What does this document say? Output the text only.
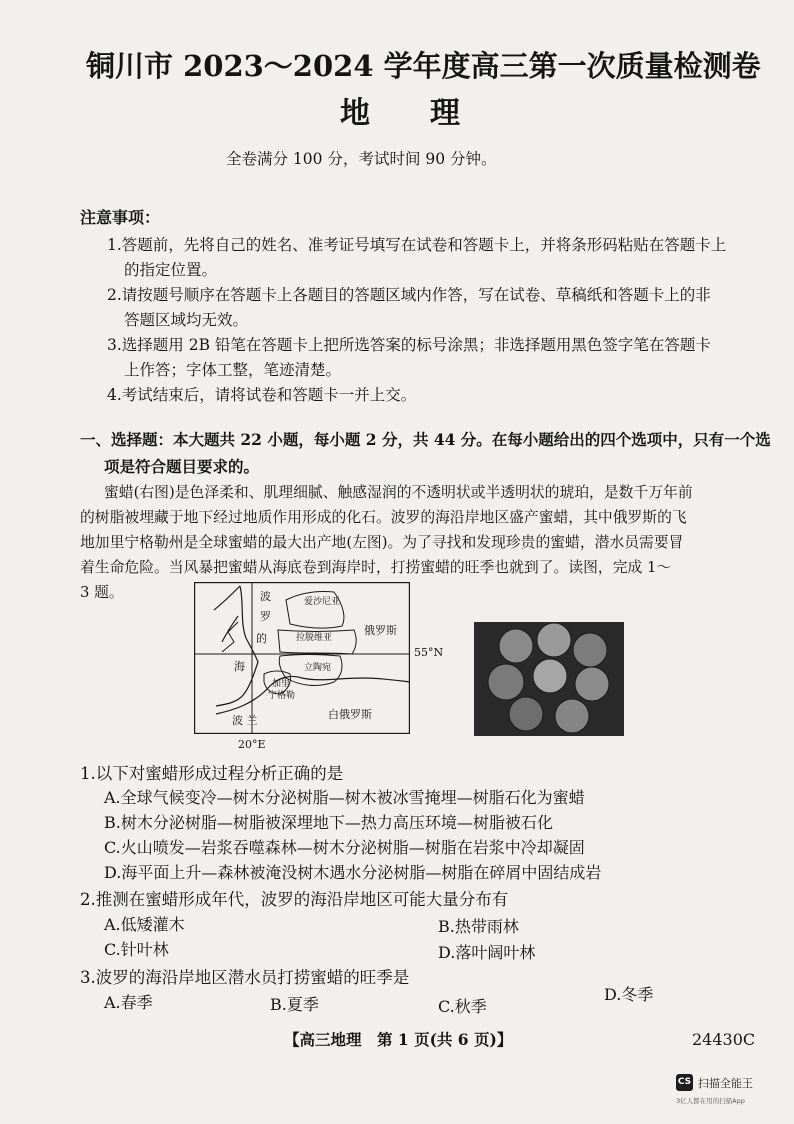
铜川市 2023～2024 学年度高三第一次质量检测卷
地理
全卷满分 100 分，考试时间 90 分钟。
注意事项：
1.答题前，先将自己的姓名、准考证号填写在试卷和答题卡上，并将条形码粘贴在答题卡上
的指定位置。
2.请按题号顺序在答题卡上各题目的答题区域内作答，写在试卷、草稿纸和答题卡上的非
答题区域均无效。
3.选择题用 2B 铅笔在答题卡上把所选答案的标号涂黑；非选择题用黑色签字笔在答题卡
上作答；字体工整，笔迹清楚。
4.考试结束后，请将试卷和答题卡一并上交。
一、选择题：本大题共 22 小题，每小题 2 分，共 44 分。在每小题给出的四个选项中，只有一个选
项是符合题目要求的。
蜜蜡(右图)是色泽柔和、肌理细腻、触感湿润的不透明状或半透明状的琥珀，是数千万年前
的树脂被埋藏于地下经过地质作用形成的化石。波罗的海沿岸地区盛产蜜蜡，其中俄罗斯的飞
地加里宁格勒州是全球蜜蜡的最大出产地(左图)。为了寻找和发现珍贵的蜜蜡，潜水员需要冒
着生命危险。当风暴把蜜蜡从海底卷到海岸时，打捞蜜蜡的旺季也就到了。读图，完成 1～
3 题。	波
罗
的
海
爱沙尼亚
拉脱维亚
立陶宛
加里
宁格勒
俄罗斯
白俄罗斯
波 兰
55°N
20°E
1.以下对蜜蜡形成过程分析正确的是
A.全球气候变冷—树木分泌树脂—树木被冰雪掩埋—树脂石化为蜜蜡
B.树木分泌树脂—树脂被深埋地下—热力高压环境—树脂被石化
C.火山喷发—岩浆吞噬森林—树木分泌树脂—树脂在岩浆中冷却凝固
D.海平面上升—森林被淹没树木遇水分泌树脂—树脂在碎屑中固结成岩
2.推测在蜜蜡形成年代，波罗的海沿岸地区可能大量分布有
A.低矮灌木	B.热带雨林
C.针叶林	D.落叶阔叶林
3.波罗的海沿岸地区潜水员打捞蜜蜡的旺季是
A.春季	B.夏季	C.秋季
D.冬季
【高三地理　第 1 页(共 6 页)】	24430C
CS 扫描全能王
3亿人都在用的扫描App
